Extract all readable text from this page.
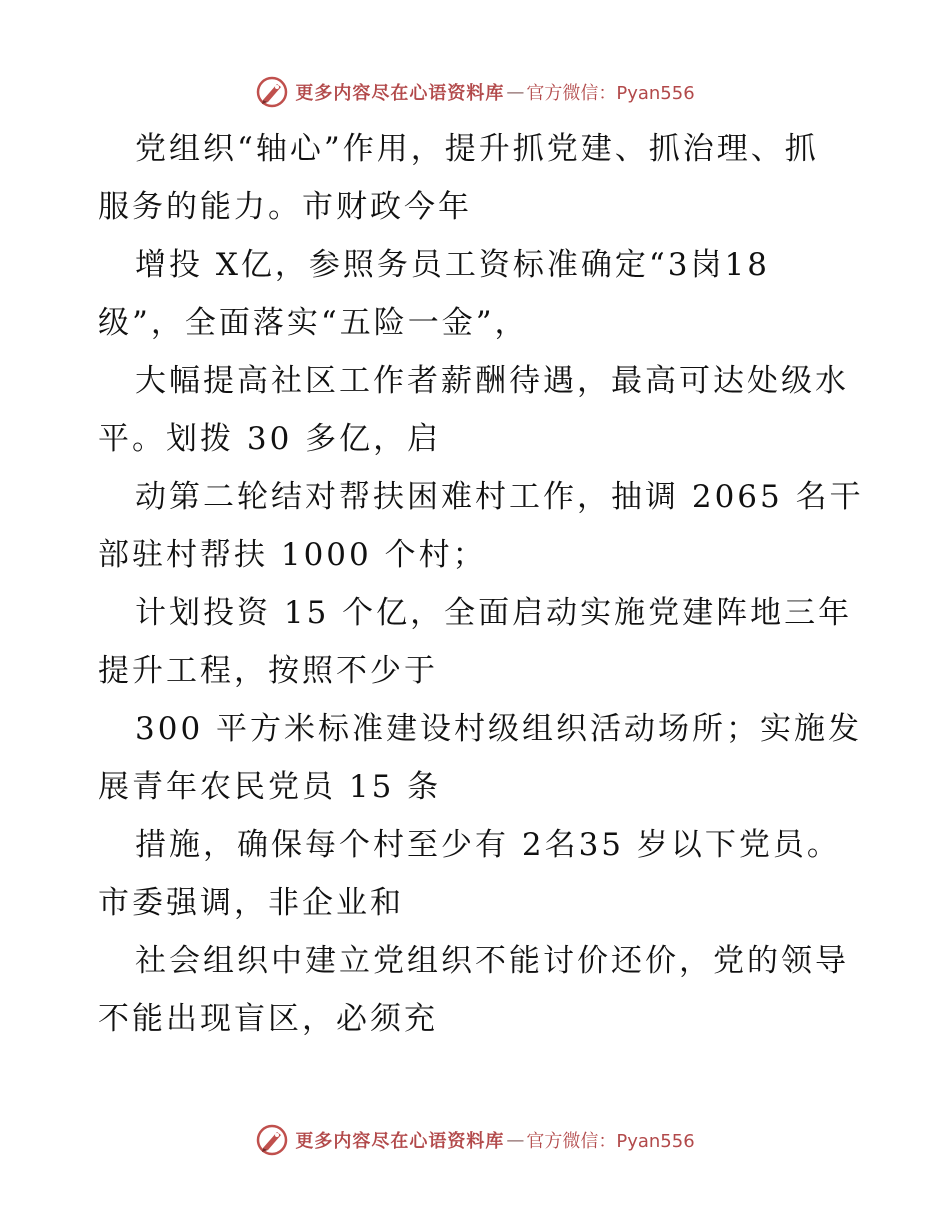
更多内容尽在心语资料库 — 官方微信：Pyan556
党组织“轴心”作用，提升抓党建、抓治理、抓
服务的能力。市财政今年
增投 X亿，参照务员工资标准确定“3岗18
级”，全面落实“五险一金”，
大幅提高社区工作者薪酬待遇，最高可达处级水
平。划拨 30 多亿，启
动第二轮结对帮扶困难村工作，抽调 2065 名干
部驻村帮扶 1000 个村；
计划投资 15 个亿，全面启动实施党建阵地三年
提升工程，按照不少于
300 平方米标准建设村级组织活动场所；实施发
展青年农民党员 15 条
措施，确保每个村至少有 2名35 岁以下党员。
市委强调，非企业和
社会组织中建立党组织不能讨价还价，党的领导
不能出现盲区，必须充
更多内容尽在心语资料库 — 官方微信：Pyan556
